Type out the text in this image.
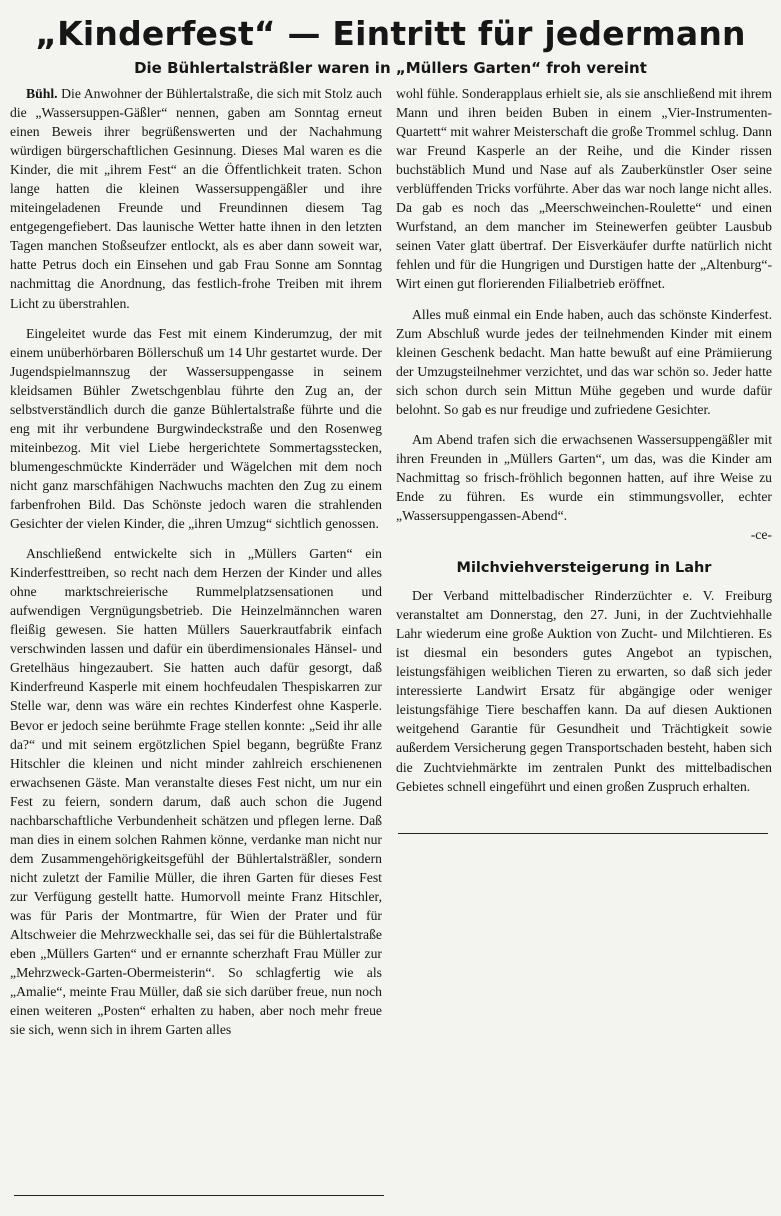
„Kinderfest“ — Eintritt für jedermann
Die Bühlertalsträßler waren in „Müllers Garten“ froh vereint

Bühl. Die Anwohner der Bühlertalstraße, die sich mit Stolz auch die „Wassersuppen-Gäßler“ nennen, gaben am Sonntag erneut einen Beweis ihrer begrüßenswerten und der Nachahmung würdigen bürgerschaftlichen Gesinnung. Dieses Mal waren es die Kinder, die mit „ihrem Fest“ an die Öffentlichkeit traten. Schon lange hatten die kleinen Wassersuppengäßler und ihre miteingeladenen Freunde und Freundinnen diesem Tag entgegengefiebert. Das launische Wetter hatte ihnen in den letzten Tagen manchen Stoßseufzer entlockt, als es aber dann soweit war, hatte Petrus doch ein Einsehen und gab Frau Sonne am Sonntag nachmittag die Anordnung, das festlich-frohe Treiben mit ihrem Licht zu überstrahlen.

Eingeleitet wurde das Fest mit einem Kinderumzug, der mit einem unüberhörbaren Böllerschuß um 14 Uhr gestartet wurde. Der Jugendspielmannszug der Wassersuppengasse in seinem kleidsamen Bühler Zwetschgenblau führte den Zug an, der selbstverständlich durch die ganze Bühlertalstraße führte und die eng mit ihr verbundene Burgwindeckstraße und den Rosenweg miteinbezog. Mit viel Liebe hergerichtete Sommertagsstecken, blumengeschmückte Kinderräder und Wägelchen mit dem noch nicht ganz marschfähigen Nachwuchs machten den Zug zu einem farbenfrohen Bild. Das Schönste jedoch waren die strahlenden Gesichter der vielen Kinder, die „ihren Umzug“ sichtlich genossen.

Anschließend entwickelte sich in „Müllers Garten“ ein Kinderfesttreiben, so recht nach dem Herzen der Kinder und alles ohne marktschreierische Rummelplatzsensationen und aufwendigen Vergnügungsbetrieb. Die Heinzelmännchen waren fleißig gewesen. Sie hatten Müllers Sauerkrautfabrik einfach verschwinden lassen und dafür ein überdimensionales Hänsel- und Gretelhäus hingezaubert. Sie hatten auch dafür gesorgt, daß Kinderfreund Kasperle mit einem hochfeudalen Thespiskarren zur Stelle war, denn was wäre ein rechtes Kinderfest ohne Kasperle. Bevor er jedoch seine berühmte Frage stellen konnte: „Seid ihr alle da?“ und mit seinem ergötzlichen Spiel begann, begrüßte Franz Hitschler die kleinen und nicht minder zahlreich erschienenen erwachsenen Gäste. Man veranstalte dieses Fest nicht, um nur ein Fest zu feiern, sondern darum, daß auch schon die Jugend nachbarschaftliche Verbundenheit schätzen und pflegen lerne. Daß man dies in einem solchen Rahmen könne, verdanke man nicht nur dem Zusammengehörigkeitsgefühl der Bühlertalsträßler, sondern nicht zuletzt der Familie Müller, die ihren Garten für dieses Fest zur Verfügung gestellt hatte. Humorvoll meinte Franz Hitschler, was für Paris der Montmartre, für Wien der Prater und für Altschweier die Mehrzweckhalle sei, das sei für die Bühlertalstraße eben „Müllers Garten“ und er ernannte scherzhaft Frau Müller zur „Mehrzweck-Garten-Obermeisterin“. So schlagfertig wie als „Amalie“, meinte Frau Müller, daß sie sich darüber freue, nun noch einen weiteren „Posten“ erhalten zu haben, aber noch mehr freue sie sich, wenn sich in ihrem Garten alles

wohl fühle. Sonderapplaus erhielt sie, als sie anschließend mit ihrem Mann und ihren beiden Buben in einem „Vier-Instrumenten-Quartett“ mit wahrer Meisterschaft die große Trommel schlug. Dann war Freund Kasperle an der Reihe, und die Kinder rissen buchstäblich Mund und Nase auf als Zauberkünstler Oser seine verblüffenden Tricks vorführte. Aber das war noch lange nicht alles. Da gab es noch das „Meerschweinchen-Roulette“ und einen Wurfstand, an dem mancher im Steinewerfen geübter Lausbub seinen Vater glatt übertraf. Der Eisverkäufer durfte natürlich nicht fehlen und für die Hungrigen und Durstigen hatte der „Altenburg“-Wirt einen gut florierenden Filialbetrieb eröffnet.

Alles muß einmal ein Ende haben, auch das schönste Kinderfest. Zum Abschluß wurde jedes der teilnehmenden Kinder mit einem kleinen Geschenk bedacht. Man hatte bewußt auf eine Prämiierung der Umzugsteilnehmer verzichtet, und das war schön so. Jeder hatte sich schon durch sein Mittun Mühe gegeben und wurde dafür belohnt. So gab es nur freudige und zufriedene Gesichter.

Am Abend trafen sich die erwachsenen Wassersuppengäßler mit ihren Freunden in „Müllers Garten“, um das, was die Kinder am Nachmittag so frisch-fröhlich begonnen hatten, auf ihre Weise zu Ende zu führen. Es wurde ein stimmungsvoller, echter „Wassersuppengassen-Abend“.

-ce-

Milchviehversteigerung in Lahr

Der Verband mittelbadischer Rinderzüchter e. V. Freiburg veranstaltet am Donnerstag, den 27. Juni, in der Zuchtviehhalle Lahr wiederum eine große Auktion von Zucht- und Milchtieren. Es ist diesmal ein besonders gutes Angebot an typischen, leistungsfähigen weiblichen Tieren zu erwarten, so daß sich jeder interessierte Landwirt Ersatz für abgängige oder weniger leistungsfähige Tiere beschaffen kann. Da auf diesen Auktionen weitgehend Garantie für Gesundheit und Trächtigkeit sowie außerdem Versicherung gegen Transportschaden besteht, haben sich die Zuchtviehmärkte im zentralen Punkt des mittelbadischen Gebietes schnell eingeführt und einen großen Zuspruch erhalten.
